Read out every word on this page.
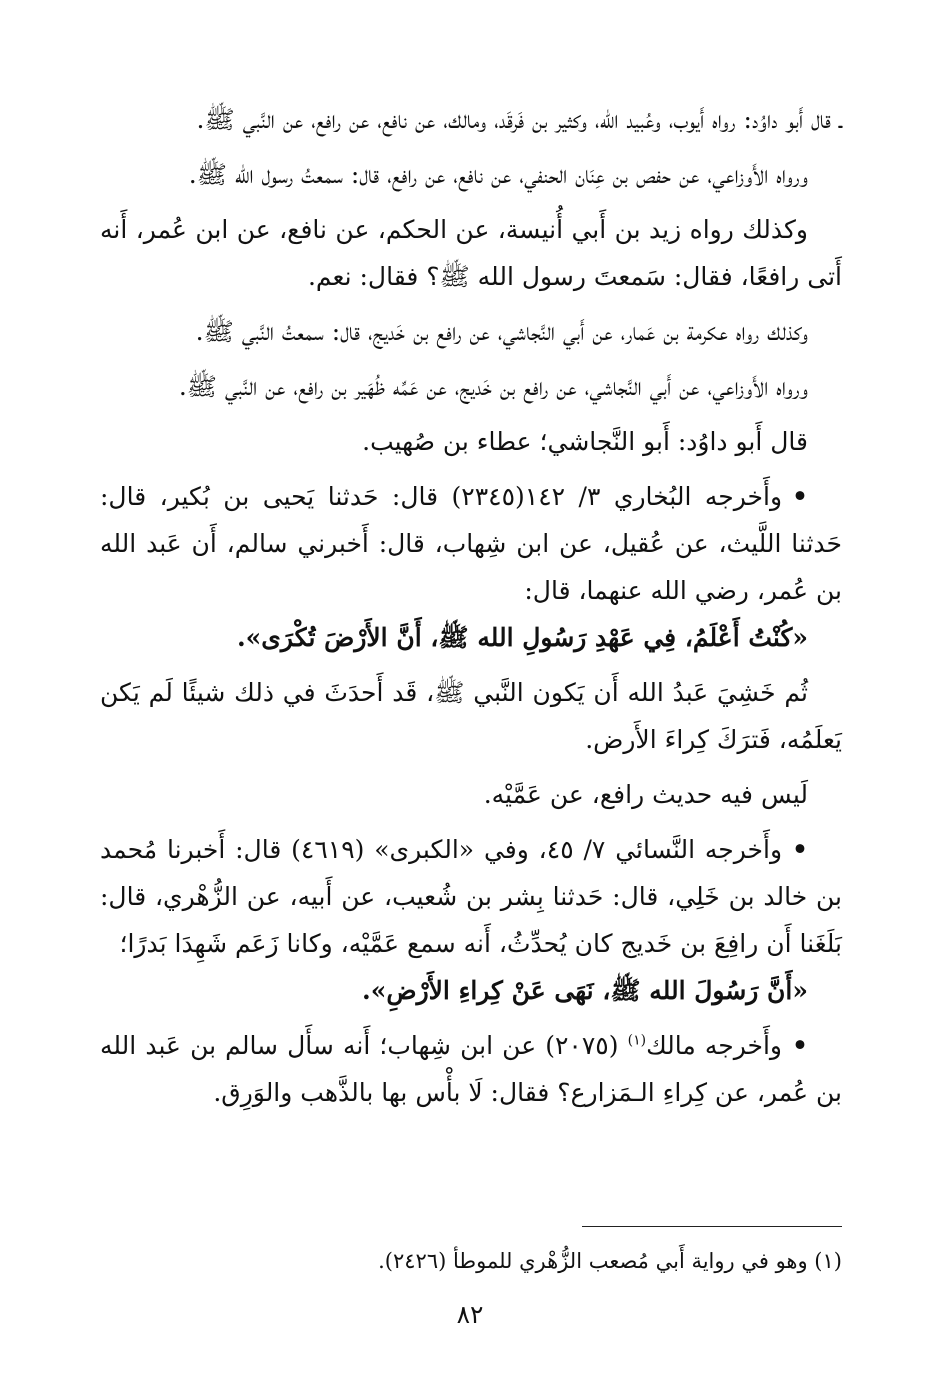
ـ قال أَبو داوُد: رواه أَيوب، وعُبيد الله، وكثير بن فَرقَد، ومالك، عن نافع، عن رافع، عن النَّبي ﷺ.

ورواه الأَوزاعي، عن حفص بن عِنَان الحنفي، عن نافع، عن رافع، قال: سمعتُ رسول الله ﷺ.

وكذلك رواه زيد بن أَبي أُنيسة، عن الحكم، عن نافع، عن ابن عُمر، أَنه أَتى رافعًا، فقال: سَمعتَ رسول الله ﷺ؟ فقال: نعم.

وكذلك رواه عكرمة بن عَمار، عن أَبي النَّجاشي، عن رافع بن خَديج، قال: سمعتُ النَّبي ﷺ.

ورواه الأَوزاعي، عن أَبي النَّجاشي، عن رافع بن خَديج، عن عَمِّه ظُهَير بن رافع، عن النَّبي ﷺ.

قال أَبو داوُد: أَبو النَّجاشي؛ عطاء بن صُهيب.

•وأَخرجه البُخاري ٣/ ١٤٢(٢٣٤٥) قال: حَدثنا يَحيى بن بُكير، قال: حَدثنا اللَّيث، عن عُقيل، عن ابن شِهاب، قال: أَخبرني سالم، أَن عَبد الله بن عُمر، رضي الله عنهما، قال:

«كُنْتُ أَعْلَمُ، فِي عَهْدِ رَسُولِ الله ﷺ، أَنَّ الأَرْضَ تُكْرَى».

ثُم خَشِيَ عَبدُ الله أَن يَكون النَّبي ﷺ، قَد أَحدَثَ في ذلك شيئًا لَم يَكن يَعلَمُه، فَترَكَ كِراءَ الأَرض.

لَيس فيه حديث رافع، عن عَمَّيْه.

•وأَخرجه النَّسائي ٧/ ٤٥، وفي «الكبرى» (٤٦١٩) قال: أَخبرنا مُحمد بن خالد بن خَلِي، قال: حَدثنا بِشر بن شُعيب، عن أَبيه، عن الزُّهْري، قال: بَلَغَنا أَن رافِعَ بن خَديج كان يُحدِّثُ، أَنه سمع عَمَّيْه، وكانا زَعَم شَهِدَا بَدرًا؛

«أَنَّ رَسُولَ الله ﷺ، نَهَى عَنْ كِراءِ الأَرْضِ».

•وأَخرجه مالك$^{(١)}$ (٢٠٧٥) عن ابن شِهاب؛ أَنه سأَل سالم بن عَبد الله بن عُمر، عن كِراءِ الـمَزارع؟ فقال: لَا بأْس بها بالذَّهب والوَرِق.

(١) وهو في رواية أَبي مُصعب الزُّهْري للموطأ (٢٤٢٦).
٨٢
